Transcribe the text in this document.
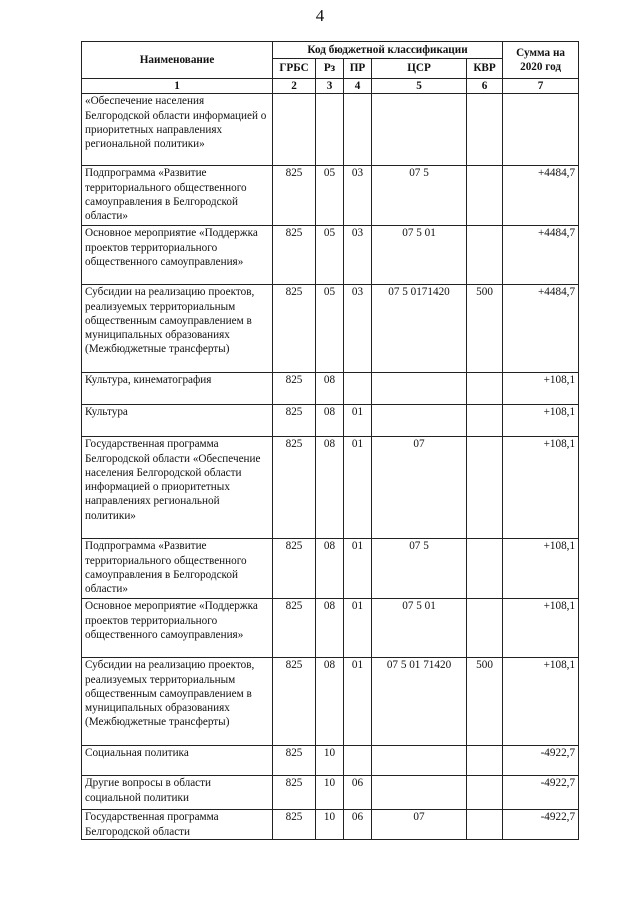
4
Наименование	Код бюджетной классификации					Сумма на 2020 год
	ГРБС	Рз	ПР	ЦСР	КВР	
1	2	3	4	5	6	7
«Обеспечение населения Белгородской области информацией о приоритетных направлениях региональной политики»						
Подпрограмма «Развитие территориального общественного самоуправления в Белгородской области»	825	05	03	07 5		+4484,7
Основное мероприятие «Поддержка проектов территориального общественного самоуправления»	825	05	03	07 5 01		+4484,7
Субсидии на реализацию проектов, реализуемых территориальным общественным самоуправлением в муниципальных образованиях (Межбюджетные трансферты)	825	05	03	07 5 0171420	500	+4484,7
Культура, кинематография	825	08				+108,1
Культура	825	08	01			+108,1
Государственная программа Белгородской области «Обеспечение населения Белгородской области информацией о приоритетных направлениях региональной политики»	825	08	01	07		+108,1
Подпрограмма «Развитие территориального общественного самоуправления в Белгородской области»	825	08	01	07 5		+108,1
Основное мероприятие «Поддержка проектов территориального общественного самоуправления»	825	08	01	07 5 01		+108,1
Субсидии на реализацию проектов, реализуемых территориальным общественным самоуправлением в муниципальных образованиях (Межбюджетные трансферты)	825	08	01	07 5 01 71420	500	+108,1
Социальная политика	825	10				-4922,7
Другие вопросы в области социальной политики	825	10	06			-4922,7
Государственная программа Белгородской области	825	10	06	07		-4922,7
